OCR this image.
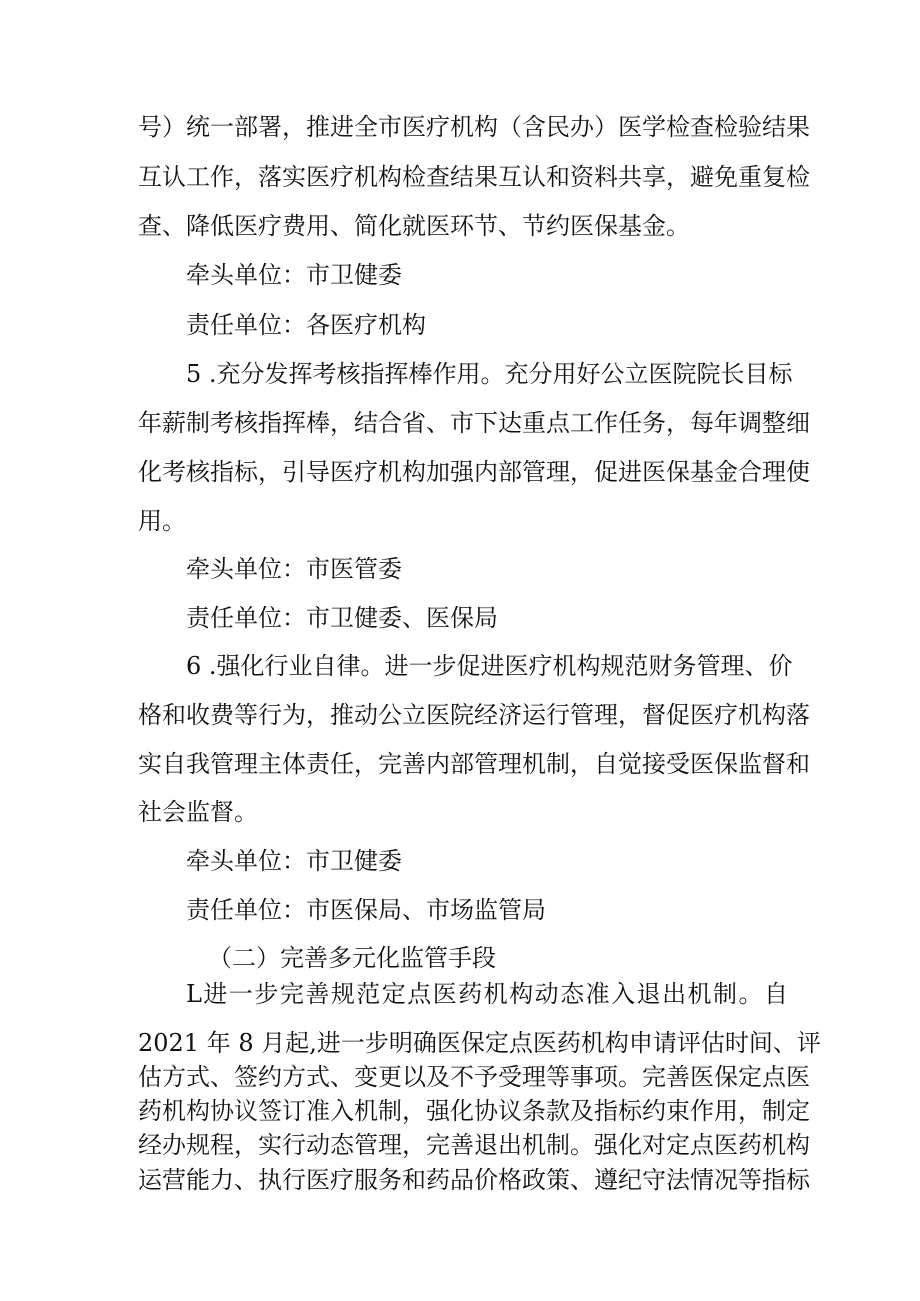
号）统一部署，推进全市医疗机构（含民办）医学检查检验结果
互认工作，落实医疗机构检查结果互认和资料共享，避免重复检
查、降低医疗费用、简化就医环节、节约医保基金。
牵头单位：市卫健委
责任单位：各医疗机构
5 .充分发挥考核指挥棒作用。充分用好公立医院院长目标
年薪制考核指挥棒，结合省、市下达重点工作任务，每年调整细
化考核指标，引导医疗机构加强内部管理，促进医保基金合理使
用。
牵头单位：市医管委
责任单位：市卫健委、医保局
6 .强化行业自律。进一步促进医疗机构规范财务管理、价
格和收费等行为，推动公立医院经济运行管理，督促医疗机构落
实自我管理主体责任，完善内部管理机制，自觉接受医保监督和
社会监督。
牵头单位：市卫健委
责任单位：市医保局、市场监管局
（二）完善多元化监管手段
L进一步完善规范定点医药机构动态准入退出机制。自
2021 年 8 月起,进一步明确医保定点医药机构申请评估时间、评
估方式、签约方式、变更以及不予受理等事项。完善医保定点医
药机构协议签订准入机制，强化协议条款及指标约束作用，制定
经办规程，实行动态管理，完善退出机制。强化对定点医药机构
运营能力、执行医疗服务和药品价格政策、遵纪守法情况等指标
